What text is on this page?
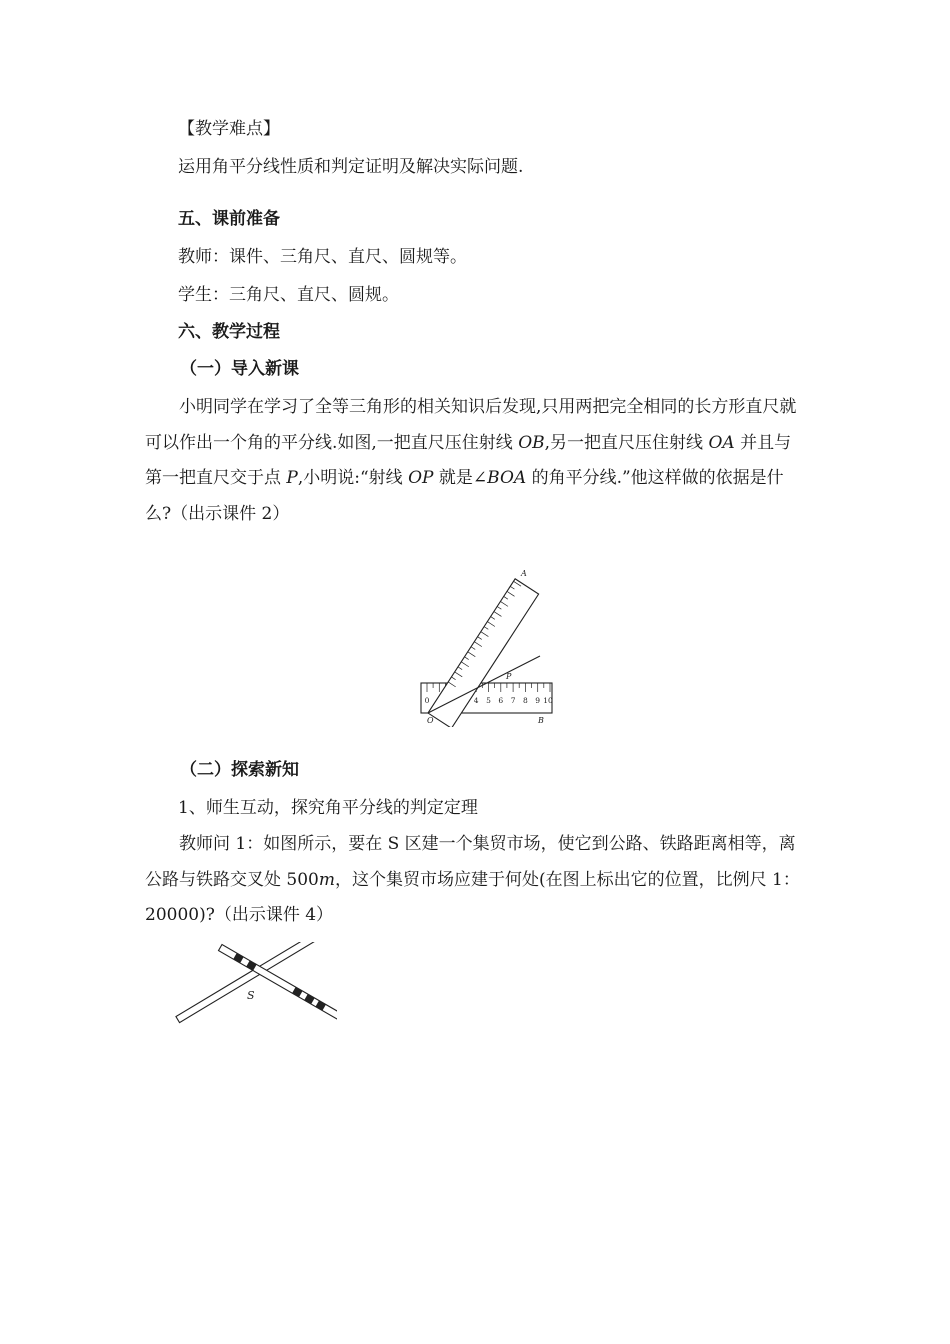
【教学难点】
运用角平分线性质和判定证明及解决实际问题.
五、课前准备
教师：课件、三角尺、直尺、圆规等。
学生：三角尺、直尺、圆规。
六、教学过程
（一）导入新课

小明同学在学习了全等三角形的相关知识后发现,只用两把完全相同的长方形直尺就可以作出一个角的平分线.如图,一把直尺压住射线 OB,另一把直尺压住射线 OA 并且与第一把直尺交于点 P,小明说:“射线 OP 就是∠BOA 的角平分线.”他这样做的依据是什么?（出示课件 2）

0	4 5 6 7 8 9 10
O	B
A
P
（二）探索新知
1、师生互动，探究角平分线的判定定理

教师问 1：如图所示，要在 S 区建一个集贸市场，使它到公路、铁路距离相等，离公路与铁路交叉处 500m，这个集贸市场应建于何处(在图上标出它的位置，比例尺 1：20000)?（出示课件 4）

S
